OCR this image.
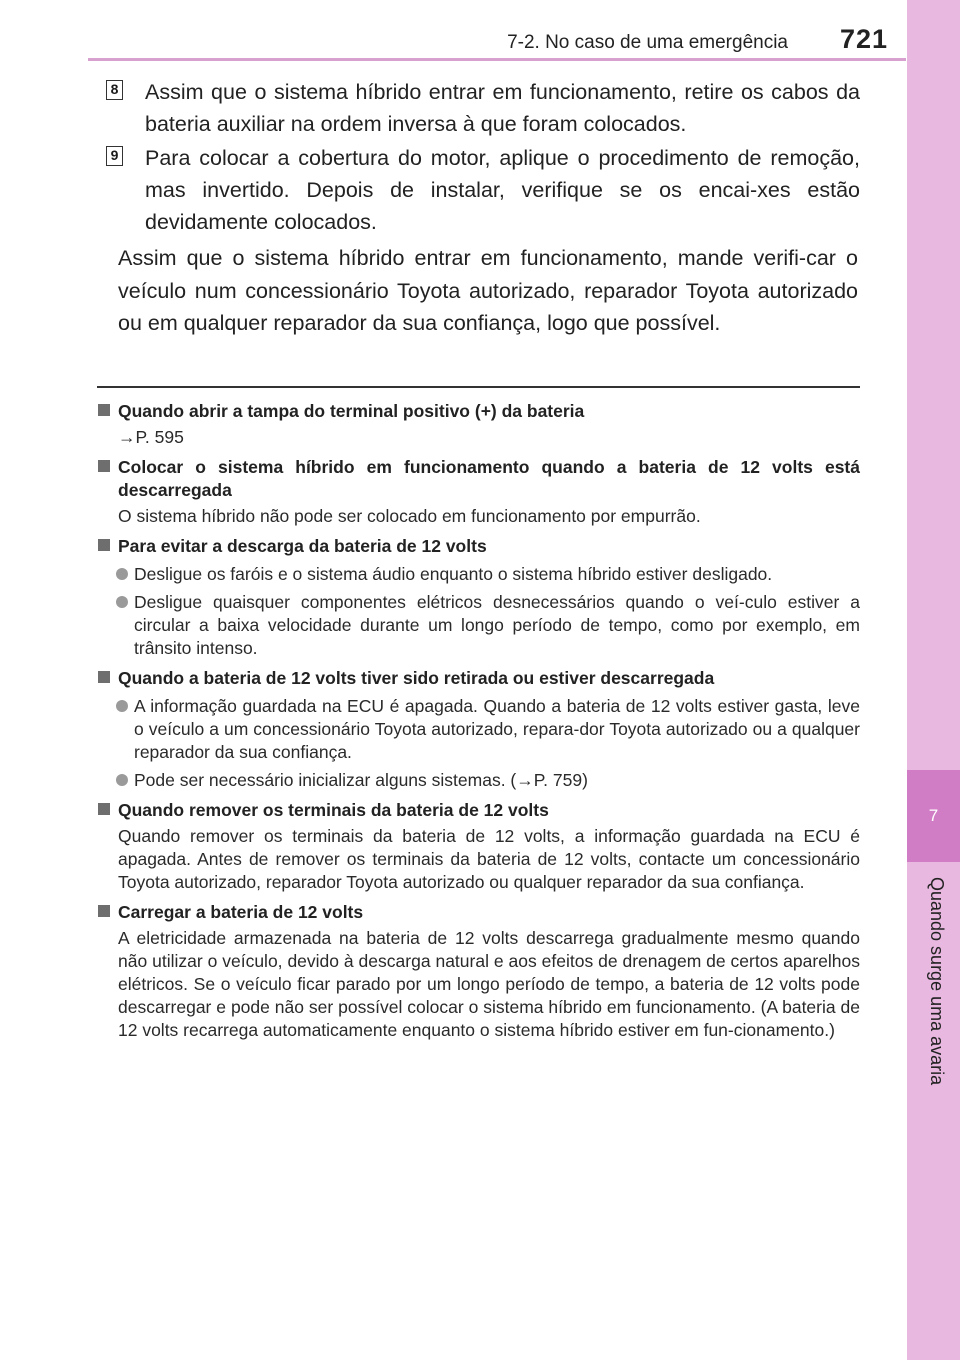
7-2. No caso de uma emergência 721
7
Quando surge uma avaria
8 Assim que o sistema híbrido entrar em funcionamento, retire os cabos da bateria auxiliar na ordem inversa à que foram colocados.

9 Para colocar a cobertura do motor, aplique o procedimento de remoção, mas invertido. Depois de instalar, verifique se os encai-xes estão devidamente colocados.

Assim que o sistema híbrido entrar em funcionamento, mande verifi-car o veículo num concessionário Toyota autorizado, reparador Toyota autorizado ou em qualquer reparador da sua confiança, logo que possível.

Quando abrir a tampa do terminal positivo (+) da bateria
→P. 595
Colocar o sistema híbrido em funcionamento quando a bateria de 12 volts está descarregada
O sistema híbrido não pode ser colocado em funcionamento por empurrão.
Para evitar a descarga da bateria de 12 volts
Desligue os faróis e o sistema áudio enquanto o sistema híbrido estiver desligado.
Desligue quaisquer componentes elétricos desnecessários quando o veí-culo estiver a circular a baixa velocidade durante um longo período de tempo, como por exemplo, em trânsito intenso.
Quando a bateria de 12 volts tiver sido retirada ou estiver descarregada
A informação guardada na ECU é apagada. Quando a bateria de 12 volts estiver gasta, leve o veículo a um concessionário Toyota autorizado, repara-dor Toyota autorizado ou a qualquer reparador da sua confiança.
Pode ser necessário inicializar alguns sistemas. (→P. 759)
Quando remover os terminais da bateria de 12 volts
Quando remover os terminais da bateria de 12 volts, a informação guardada na ECU é apagada. Antes de remover os terminais da bateria de 12 volts, contacte um concessionário Toyota autorizado, reparador Toyota autorizado ou qualquer reparador da sua confiança.
Carregar a bateria de 12 volts
A eletricidade armazenada na bateria de 12 volts descarrega gradualmente mesmo quando não utilizar o veículo, devido à descarga natural e aos efeitos de drenagem de certos aparelhos elétricos. Se o veículo ficar parado por um longo período de tempo, a bateria de 12 volts pode descarregar e pode não ser possível colocar o sistema híbrido em funcionamento. (A bateria de 12 volts recarrega automaticamente enquanto o sistema híbrido estiver em fun-cionamento.)
